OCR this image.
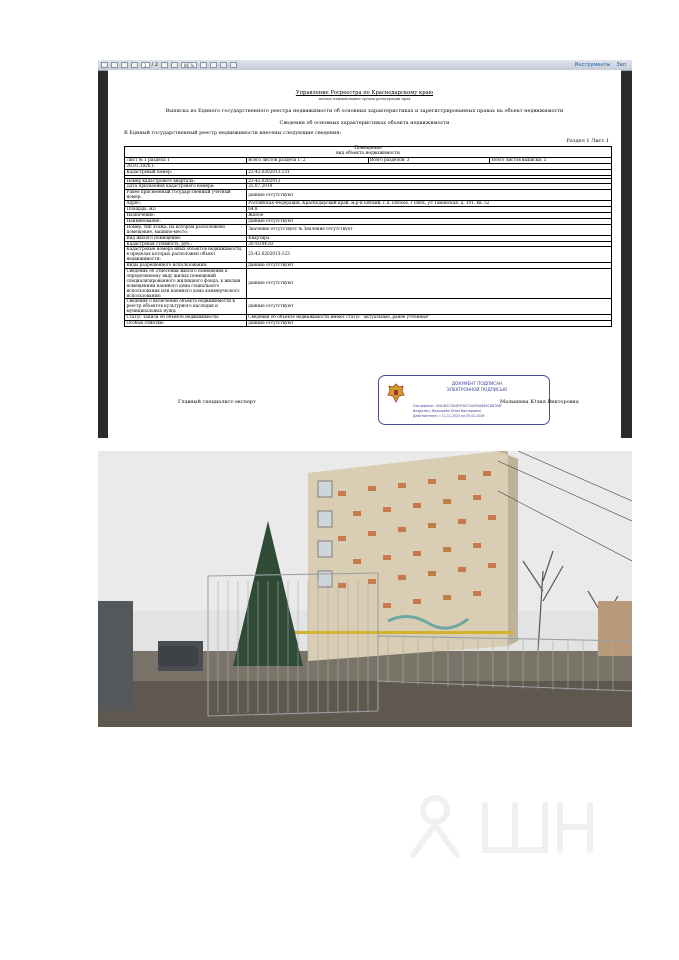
1	/ 2	86 %	Инструменты Зап
Управление Росреестра по Краснодарскому краю
полное наименование органа регистрации прав
Выписка из Единого государственного реестра недвижимости об основных характеристиках и зарегистрированных правах на объект недвижимости
Сведения об основных характеристиках объекта недвижимости
В Единый государственный реестр недвижимости внесены следующие сведения:
Раздел 1 Лист 1
Помещение
вид объекта недвижимости			
Лист № 1 раздела 1	Всего листов раздела 1: 2	Всего разделов: 3	Всего листов выписки: 5
28.01.2026 г.			
Кадастровый номер:	23:42:0202013:131		

Номер кадастрового квартала:	23:42:0202013		
Дата присвоения кадастрового номера:	25.07.2014		
Ранее присвоенный государственный учетный номер:	данные отсутствуют		
Адрес:	Российская Федерация, Краснодарский край, м.р-н Ейский, г.п. Ейское, г Ейск, ул Таманская, д. 101, кв. 52		
Площадь, м2:	64.8		
Назначение:	Жилое		
Наименование:	данные отсутствуют		
Номер, тип этажа, на котором расположено помещение, машино-место:	Значение отсутствует № Значение отсутствует		
Вид жилого помещения:	Квартира		
Кадастровая стоимость, руб.:	2076304.83		
Кадастровые номера иных объектов недвижимости, в пределах которых расположен объект недвижимости:	23:42:0202013:123		
Виды разрешенного использования:	данные отсутствуют		
Сведения об отнесении жилого помещения к определенному виду жилых помещений специализированного жилищного фонда, к жилым помещениям наемного дома социального использования или наемного дома коммерческого использования:	данные отсутствуют		
Сведения о включении объекта недвижимости в реестр объектов культурного наследия и муниципальных нужд:	данные отсутствуют		
Статус записи об объекте недвижимости:	Сведения об объекте недвижимости имеют статус "актуальные, ранее учтенные"		
Особые отметки:	данные отсутствуют		
Главный специалист-эксперт
ДОКУМЕНТ ПОДПИСАН
ЭЛЕКТРОННОЙ ПОДПИСЬЮ
Сертификат: 00A1B2C3D4E5F60718293A4B5C6D7E8F
Владелец: Малышева Юлия Викторовна
Действителен: с 11.11.2024 по 05.02.2026
Малышева Юлия Викторовна
